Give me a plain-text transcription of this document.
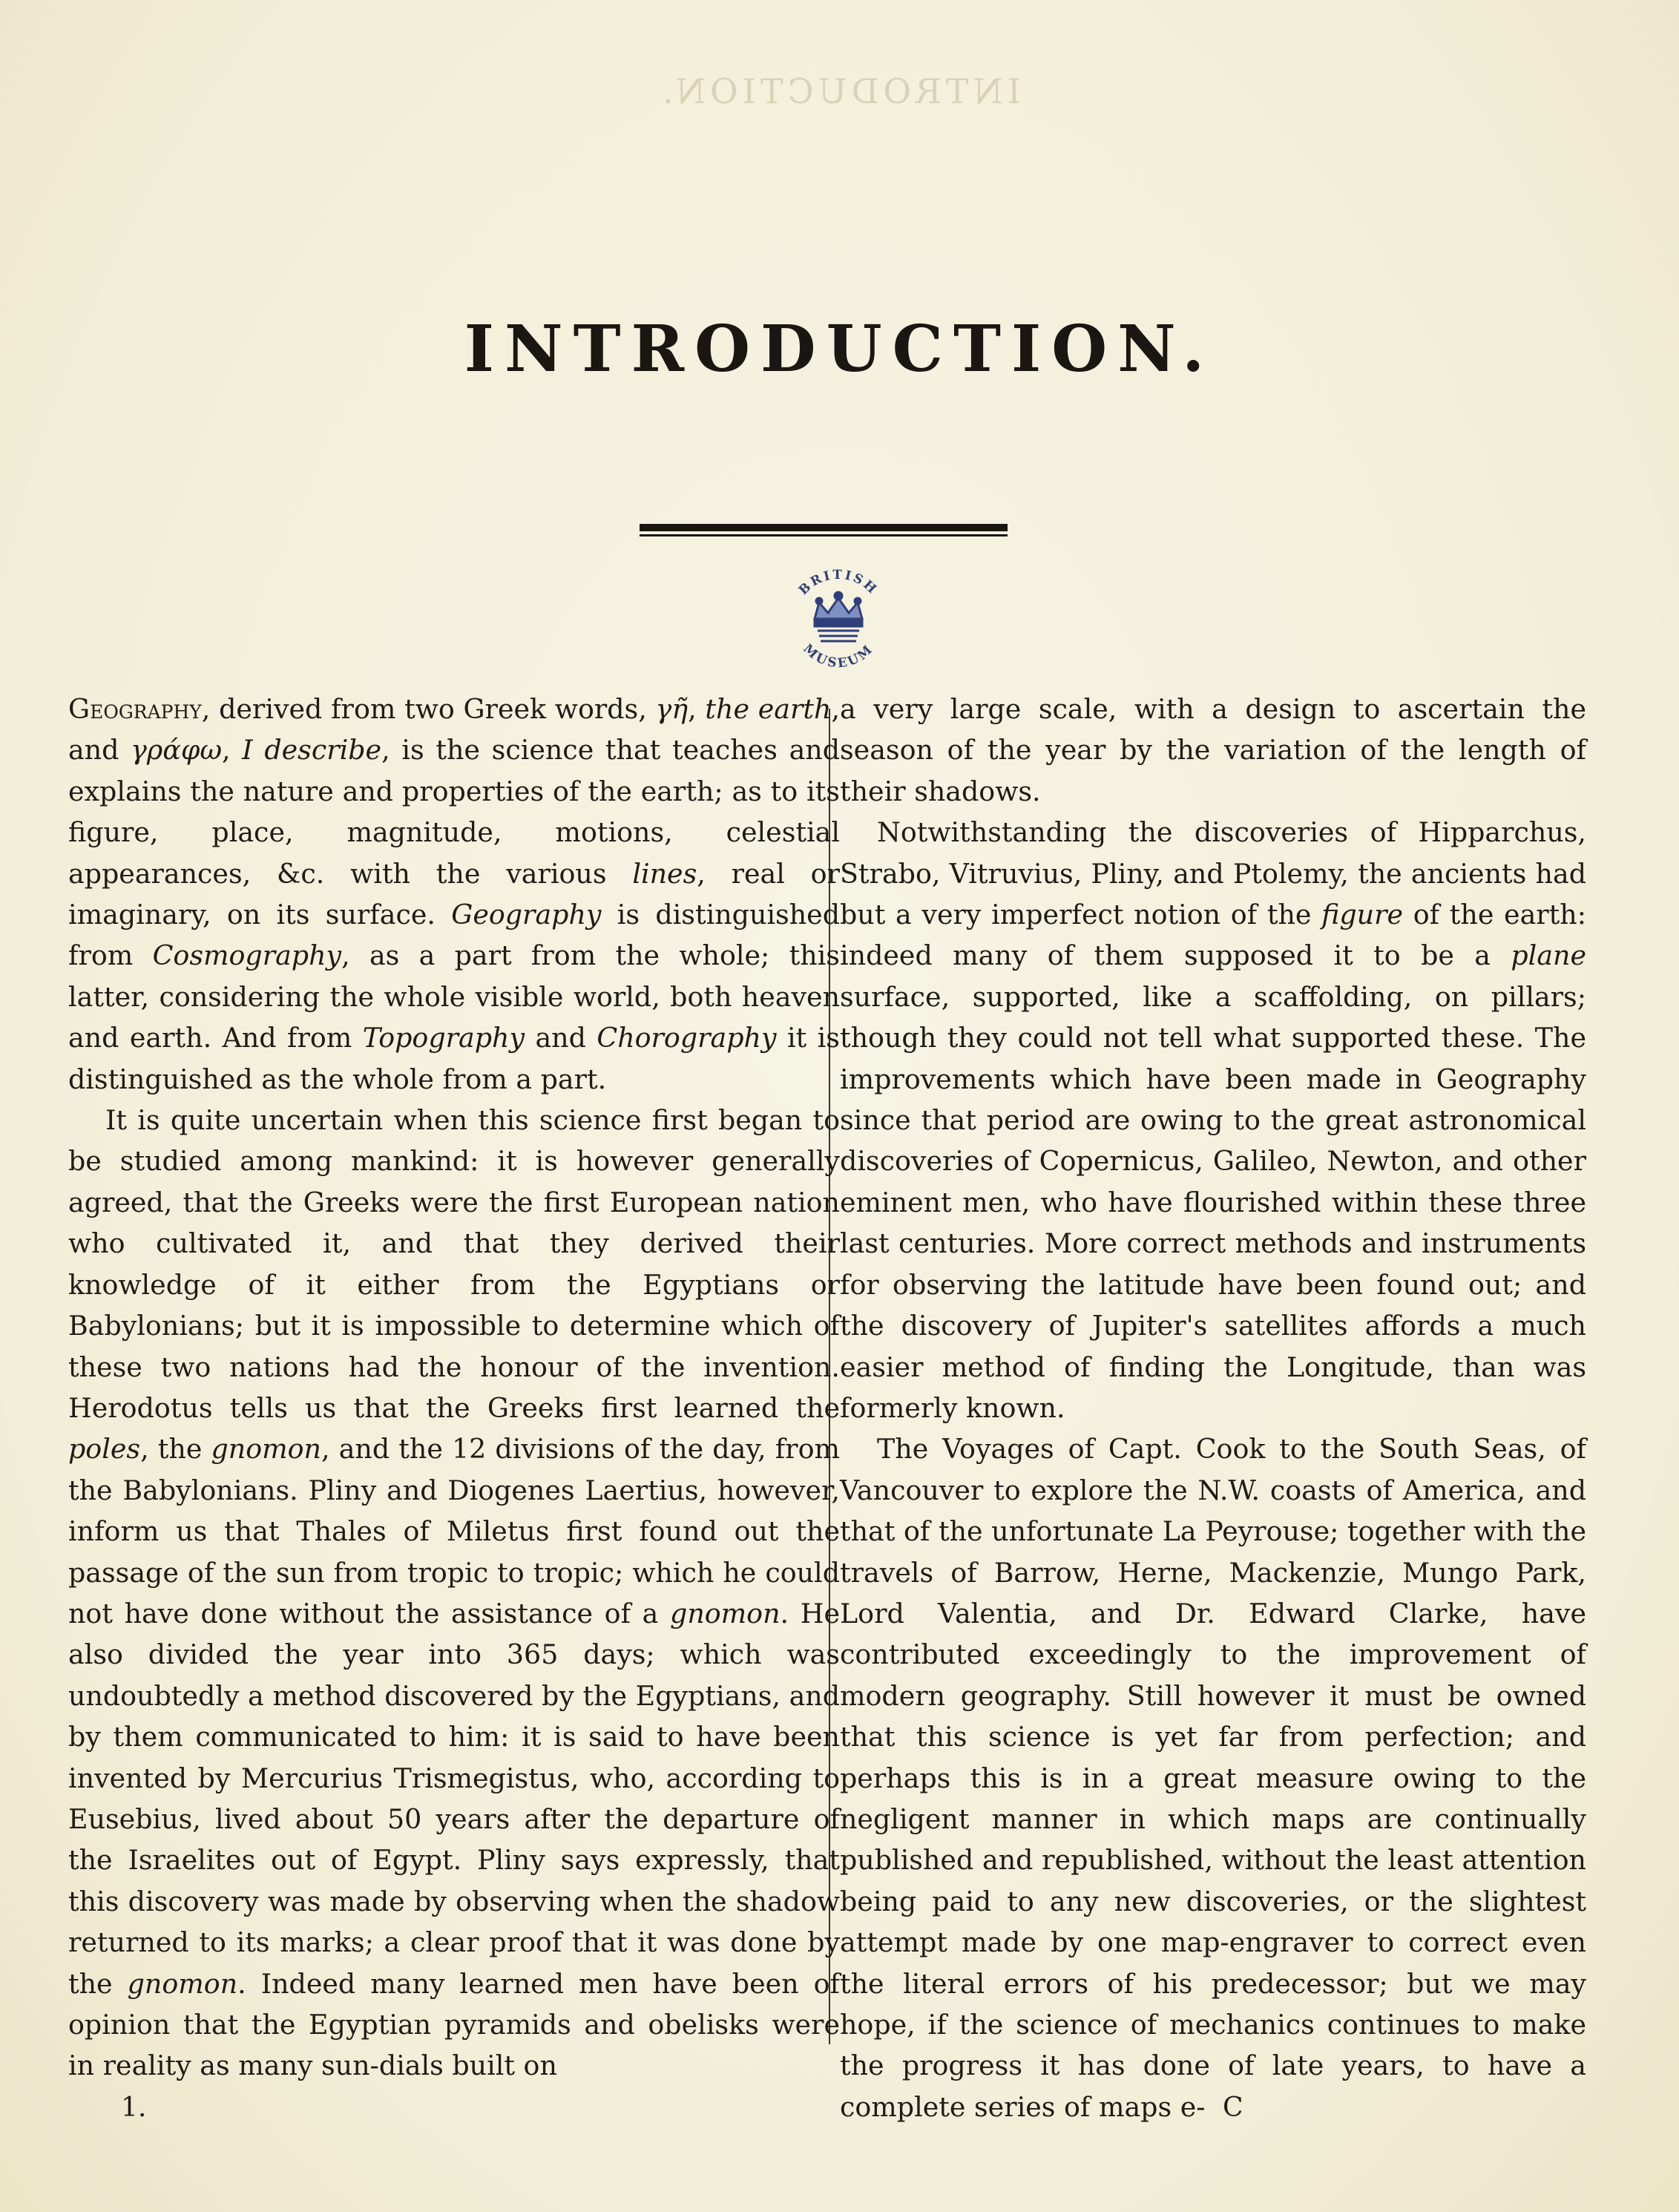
INTRODUCTION.
INTRODUCTION.
BRITISH
MUSEUM

Geography, derived from two Greek words, γῆ, the earth, and γράφω, I describe, is the science that teaches and explains the nature and properties of the earth; as to its figure, place, magnitude, motions, celestial appearances, &c. with the various lines, real or imaginary, on its surface. Geography is distinguished from Cosmography, as a part from the whole; this latter, considering the whole visible world, both heaven and earth. And from Topography and Chorography it is distinguished as the whole from a part.

It is quite uncertain when this science first began to be studied among mankind: it is however generally agreed, that the Greeks were the first European nation who cultivated it, and that they derived their knowledge of it either from the Egyptians or Babylonians; but it is impossible to determine which of these two nations had the honour of the invention. Herodotus tells us that the Greeks first learned the poles, the gnomon, and the 12 divisions of the day, from the Babylonians. Pliny and Diogenes Laertius, however, inform us that Thales of Miletus first found out the passage of the sun from tropic to tropic; which he could not have done without the assistance of a gnomon. He also divided the year into 365 days; which was undoubtedly a method discovered by the Egyptians, and by them communicated to him: it is said to have been invented by Mercurius Trismegistus, who, according to Eusebius, lived about 50 years after the departure of the Israelites out of Egypt. Pliny says expressly, that this discovery was made by observing when the shadow returned to its marks; a clear proof that it was done by the gnomon. Indeed many learned men have been of opinion that the Egyptian pyramids and obelisks were in reality as many sun-dials built on

a very large scale, with a design to ascertain the season of the year by the variation of the length of their shadows.

Notwithstanding the discoveries of Hipparchus, Strabo, Vitruvius, Pliny, and Ptolemy, the ancients had but a very imperfect notion of the figure of the earth: indeed many of them supposed it to be a plane surface, supported, like a scaffolding, on pillars; though they could not tell what supported these. The improvements which have been made in Geography since that period are owing to the great astronomical discoveries of Copernicus, Galileo, Newton, and other eminent men, who have flourished within these three last centuries. More correct methods and instruments for observing the latitude have been found out; and the discovery of Jupiter's satellites affords a much easier method of finding the Longitude, than was formerly known.

The Voyages of Capt. Cook to the South Seas, of Vancouver to explore the N.W. coasts of America, and that of the unfortunate La Peyrouse; together with the travels of Barrow, Herne, Mackenzie, Mungo Park, Lord Valentia, and Dr. Edward Clarke, have contributed exceedingly to the improvement of modern geography. Still however it must be owned that this science is yet far from perfection; and perhaps this is in a great measure owing to the negligent manner in which maps are continually published and republished, without the least attention being paid to any new discoveries, or the slightest attempt made by one map-engraver to correct even the literal errors of his predecessor; but we may hope, if the science of mechanics continues to make the progress it has done of late years, to have a complete series of maps e-

1.	C
